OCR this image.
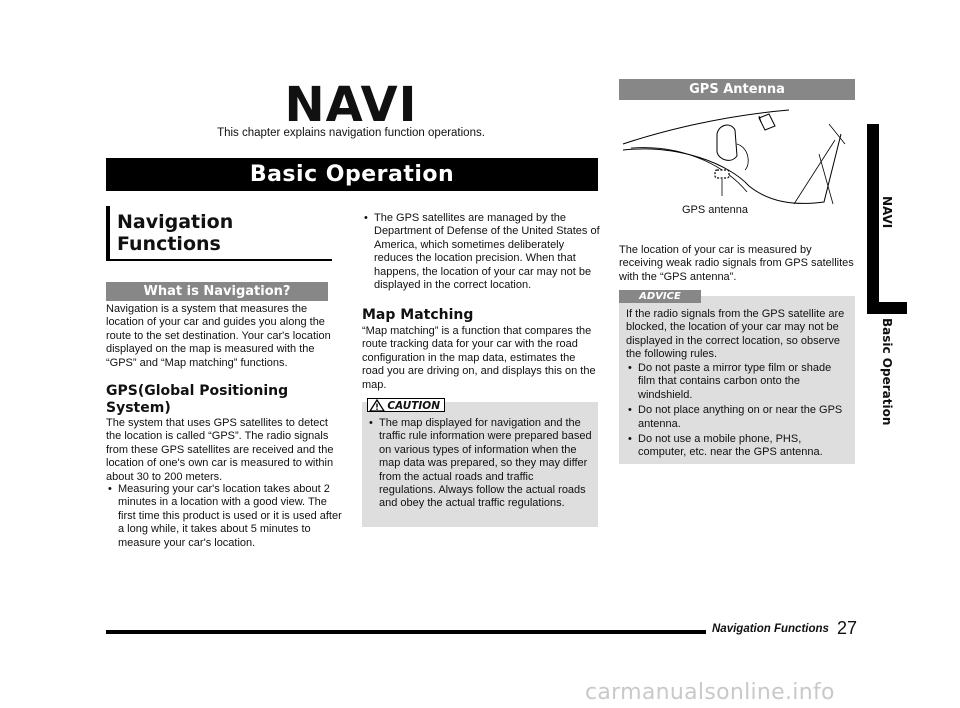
NAVI
This chapter explains navigation function operations.
Basic Operation
Navigation
Functions
What is Navigation?
Navigation is a system that measures the location of your car and guides you along the route to the set destination. Your car's location displayed on the map is measured with the “GPS” and “Map matching” functions.
GPS(Global Positioning
System)
The system that uses GPS satellites to detect the location is called “GPS”. The radio signals from these GPS satellites are received and the location of one's own car is measured to within about 30 to 200 meters.
• Measuring your car's location takes about 2 minutes in a location with a good view. The first time this product is used or it is used after a long while, it takes about 5 minutes to measure your car's location.
• The GPS satellites are managed by the Department of Defense of the United States of America, which sometimes deliberately reduces the location precision. When that happens, the location of your car may not be displayed in the correct location.
Map Matching
“Map matching” is a function that compares the route tracking data for your car with the road configuration in the map data, estimates the road you are driving on, and displays this on the map.
CAUTION
• The map displayed for navigation and the traffic rule information were prepared based on various types of information when the map data was prepared, so they may differ from the actual roads and traffic regulations. Always follow the actual roads and obey the actual traffic regulations.
GPS Antenna
GPS antenna
The location of your car is measured by receiving weak radio signals from GPS satellites with the “GPS antenna”.
ADVICE
If the radio signals from the GPS satellite are blocked, the location of your car may not be displayed in the correct location, so observe the following rules.
• Do not paste a mirror type film or shade film that contains carbon onto the windshield.
• Do not place anything on or near the GPS antenna.
• Do not use a mobile phone, PHS, computer, etc. near the GPS antenna.
NAVI
Basic Operation
Navigation Functions 27
carmanualsonline.info
